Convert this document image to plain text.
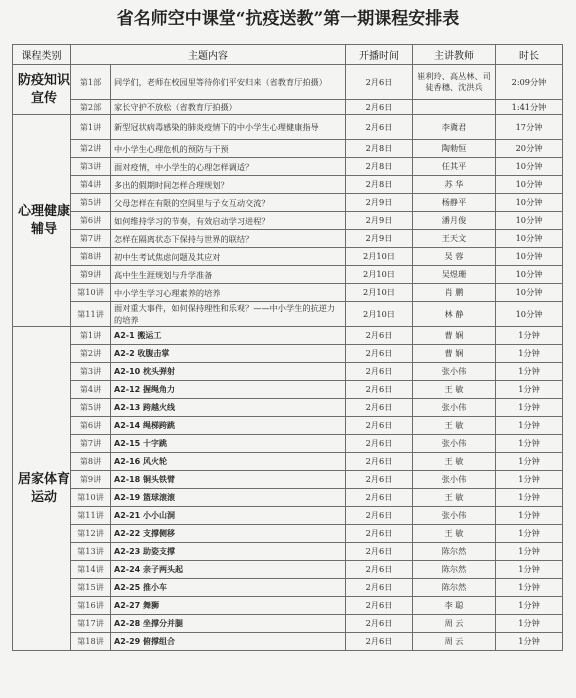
省名师空中课堂“抗疫送教”第一期课程安排表
课程类别	主题内容		开播时间	主讲教师	时长
防疫知识宣传	第1部	同学们，老师在校园里等待你们平安归来（省教育厅拍摄）	2月6日	崔利玲、高丛林、司徒香穗、沈洪兵	2:09分钟
	第2部	家长守护不放松（省教育厅拍摄）	2月6日		1:41分钟
心理健康辅导	第1讲	新型冠状病毒感染的肺炎疫情下的中小学生心理健康指导	2月6日	李冀君	17分钟
	第2讲	中小学生心理危机的预防与干预	2月8日	陶勑恒	20分钟
	第3讲	面对疫情，中小学生的心理怎样调适？	2月8日	任其平	10分钟
	第4讲	多出的假期时间怎样合理规划？	2月8日	苏 华	10分钟
	第5讲	父母怎样在有限的空间里与子女互动交流？	2月9日	杨静平	10分钟
	第6讲	如何维持学习的节奏，有效启动学习进程？	2月9日	潘月俊	10分钟
	第7讲	怎样在隔离状态下保持与世界的联结？	2月9日	王天文	10分钟
	第8讲	初中生考试焦虑问题及其应对	2月10日	吴 蓉	10分钟
	第9讲	高中生生涯规划与升学准备	2月10日	吴煜珊	10分钟
	第10讲	中小学生学习心理素养的培养	2月10日	肖 鹏	10分钟
	第11讲	面对重大事件，如何保持理性和乐观？——中小学生的抗逆力的培养	2月10日	林 静	10分钟
居家体育运动	第1讲	A2-1 搬运工	2月6日	曹 娴	1分钟
	第2讲	A2-2 收腹击掌	2月6日	曹 娴	1分钟
	第3讲	A2-10 枕头弹射	2月6日	张小伟	1分钟
	第4讲	A2-12 握绳角力	2月6日	王 敏	1分钟
	第5讲	A2-13 跨越火线	2月6日	张小伟	1分钟
	第6讲	A2-14 绳梯跨跳	2月6日	王 敏	1分钟
	第7讲	A2-15 十字跳	2月6日	张小伟	1分钟
	第8讲	A2-16 风火轮	2月6日	王 敏	1分钟
	第9讲	A2-18 铜头铁臂	2月6日	张小伟	1分钟
	第10讲	A2-19 篮球滚滚	2月6日	王 敏	1分钟
	第11讲	A2-21 小小山洞	2月6日	张小伟	1分钟
	第12讲	A2-22 支撑侧移	2月6日	王 敏	1分钟
	第13讲	A2-23 助姿支撑	2月6日	陈尔然	1分钟
	第14讲	A2-24 亲子两头起	2月6日	陈尔然	1分钟
	第15讲	A2-25 推小车	2月6日	陈尔然	1分钟
	第16讲	A2-27 舞狮	2月6日	李 聪	1分钟
	第17讲	A2-28 坐撑分并腿	2月6日	周 云	1分钟
	第18讲	A2-29 俯撑组合	2月6日	周 云	1分钟
